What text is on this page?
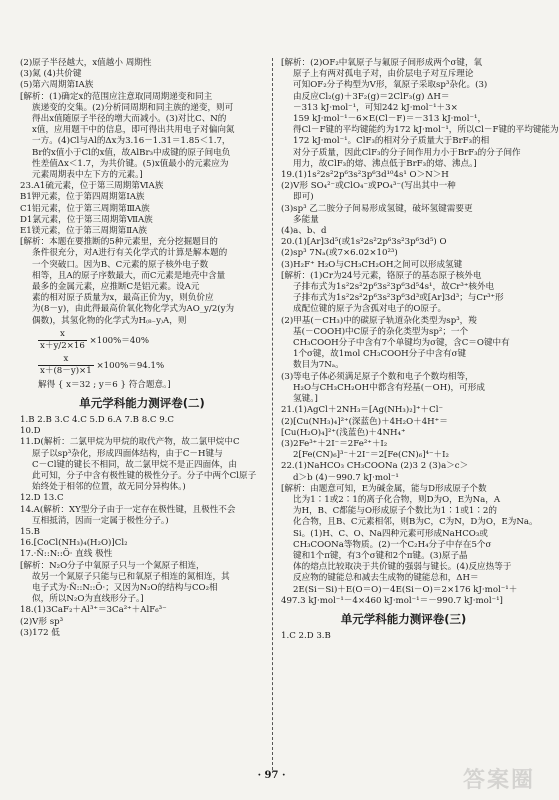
(2)原子半径越大，x值越小 周期性
(3)氮 (4)共价键
(5)第六周期第ⅠA族
[解析：(1)确定x的范围应注意取同周期递变和同主
族递变的交集。(2)分析同周期和同主族的递变，则可
得出x值随原子半径的增大而减小。(3)对比C、N的
x值，应用题干中的信息，即可得出共用电子对偏向氮
一方。(4)Cl与Al的Δx为3.16－1.31＝1.85＜1.7，
Br的x值小于Cl的x值，故AlBr₃中成键的原子间电负
性差值Δx＜1.7，为共价键。(5)x值最小的元素应为
元素周期表中左下方的元素。]
23.A1硫元素，位于第三周期第ⅥA族
B1钾元素，位于第四周期第ⅠA族
C1铝元素，位于第三周期第ⅢA族
D1氯元素，位于第三周期第ⅦA族
E1镁元素，位于第三周期第ⅡA族
[解析：本题在要推断的5种元素里，充分挖掘题目的
条件很充分，对A进行有关化学式的计算是解本题的
一个突破口。因为B、C元素的原子核外电子数
相等，且A的原子序数最大，而C元素是地壳中含量
最多的金属元素，应推断C是铝元素。设A元
素的相对原子质量为x，最高正价为y，则负价应
为(8－y)，由此得最高价氧化物化学式为AO_y/2(y为
偶数)，其氢化物的化学式为H₍₈₋y₎A，则
$\frac{x}{x+y/2\times 16} \times 100\%=40\%$
$\frac{x}{x+(8-y)\times 1} \times 100\%=94.1\%$
解得 { x＝32 ; y＝6 } 符合题意。]
单元学科能力测评卷(二)
1.B 2.B 3.C 4.C 5.D 6.A 7.B 8.C 9.C
10.D
11.D(解析：二氯甲烷为甲烷的取代产物，故二氯甲烷中C
原子以sp³杂化，形成四面体结构，由于C－H键与
C－Cl键的键长不相同，故二氯甲烷不是正四面体，由
此可知，分子中含有极性键的极性分子。分子中两个Cl原子
始终处于相邻的位置，故无同分异构体。)
12.D 13.C
14.A(解析：XY型分子由于一定存在极性键，且极性不会
互相抵消，因而一定属于极性分子。)
15.B
16.[CoCl(NH₃)₄(H₂O)]Cl₂
17.·N̈::N::Ö· 直线 极性
[解析：N₂O分子中氧原子只与一个氮原子相连，
故另一个氮原子只能与已和氧原子相连的氮相连，其
电子式为·N̈::N::Ö·；又因为N₂O的结构与CO₂相
似，所以N₂O为直线形分子。]
18.(1)3CaF₂＋Al³⁺＝3Ca²⁺＋AlF₆³⁻
(2)V形 sp³
(3)172 低
[解析：(2)OF₂中氧原子与氟原子间形成两个σ键，氧
原子上有两对孤电子对，由价层电子对互斥理论
可知OF₂分子构型为V形，氧原子采取sp³杂化。(3)
由反应Cl₂(g)＋3F₂(g)＝2ClF₃(g) ΔH＝
－313 kJ·mol⁻¹，可知242 kJ·mol⁻¹＋3×
159 kJ·mol⁻¹－6×E(Cl－F)＝－313 kJ·mol⁻¹，
得Cl－F键的平均键能约为172 kJ·mol⁻¹，所以Cl－F键的平均键能为
172 kJ·mol⁻¹。ClF₃的相对分子质量大于BrF₃的相
对分子质量，因此ClF₃的分子间作用力小于BrF₃的分子间作
用力，故ClF₃的熔、沸点低于BrF₃的熔、沸点。]
19.(1)1s²2s²2p⁶3s²3p⁶3d¹⁰4s¹ O＞N＞H
(2)V形 SO₄²⁻或ClO₄⁻或PO₄³⁻(写出其中一种
即可)
(3)sp³ 乙二胺分子间易形成氢键，破坏氢键需要更
多能量
(4)a、b、d
20.(1)[Ar]3d⁵(或1s²2s²2p⁶3s²3p⁶3d⁵) O
(2)sp³ 7Nₐ(或7×6.02×10²³)
(3)H₂F⁺ H₂O与CH₃CH₂OH之间可以形成氢键
[解析：(1)Cr为24号元素，铬原子的基态原子核外电
子排布式为1s²2s²2p⁶3s²3p⁶3d⁵4s¹，故Cr³⁺核外电
子排布式为1s²2s²2p⁶3s²3p⁶3d³或[Ar]3d³；与Cr³⁺形
成配位键的原子为含孤对电子的O原子。
(2)甲基(－CH₃)中的碳原子轨道杂化类型为sp³，羧
基(－COOH)中C原子的杂化类型为sp²；一个
CH₃COOH分子中含有7个单键均为σ键，含C＝O键中有
1个σ键，故1mol CH₃COOH分子中含有σ键
数目为7Nₐ。
(3)等电子体必须满足原子个数和电子个数均相等，
H₂O与CH₃CH₂OH中都含有羟基(－OH)，可形成
氢键。]
21.(1)AgCl＋2NH₃＝[Ag(NH₃)₂]⁺＋Cl⁻
(2)[Cu(NH₃)₄]²⁺(深蓝色)＋4H₂O＋4H⁺＝
[Cu(H₂O)₄]²⁺(浅蓝色)＋4NH₄⁺
(3)2Fe³⁺＋2I⁻＝2Fe²⁺＋I₂
2[Fe(CN)₆]³⁻＋2I⁻＝2[Fe(CN)₆]⁴⁻＋I₂
22.(1)NaHCO₃ CH₃COONa (2)3 2 (3)a＞c＞
d＞b (4)－990.7 kJ·mol⁻¹
[解析：由题意可知，E为碱金属，能与D形成原子个数
比为1∶1或2∶1的离子化合物，则D为O，E为Na，A
为H，B、C都能与O形成原子个数比为1∶1或1∶2的
化合物，且B、C元素相邻，则B为C，C为N，D为O，E为Na。
Si。(1)H、C、O、Na四种元素可形成NaHCO₃或
CH₃COONa等物质。(2)一个C₂H₄分子中存在5个σ
键和1个π键，有3个σ键和2个π键。(3)原子晶
体的熔点比较取决于共价键的强弱与键长。(4)反应热等于
反应物的键能总和减去生成物的键能总和，ΔH＝
2E(Si－Si)＋E(O＝O)－4E(Si－O)＝2×176 kJ·mol⁻¹＋
497.3 kJ·mol⁻¹－4×460 kJ·mol⁻¹＝－990.7 kJ·mol⁻¹]
单元学科能力测评卷(三)
1.C 2.D 3.B
· 97 ·	答案圈
